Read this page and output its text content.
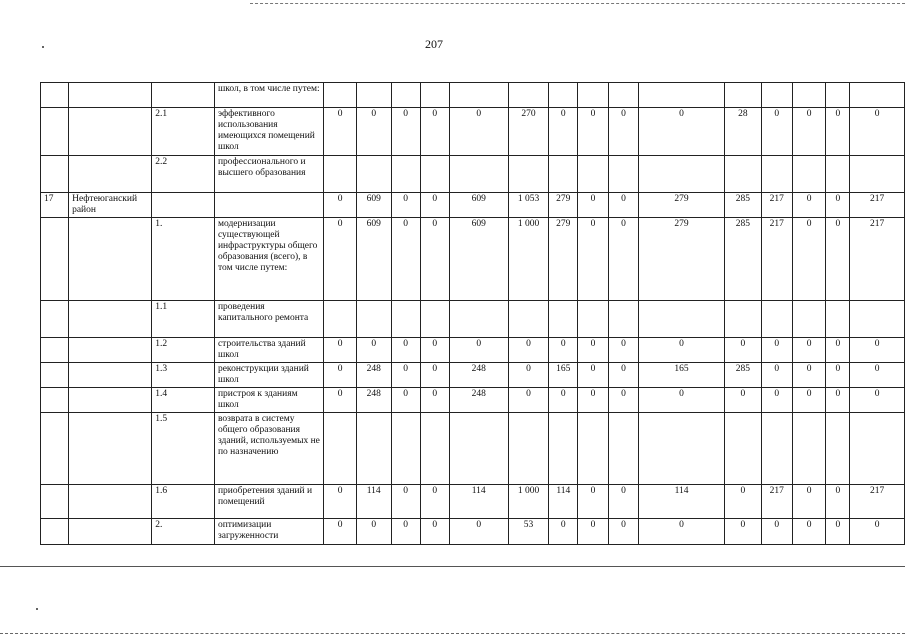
207
			школ, в том числе путем:															
		2.1	эффективного использования имеющихся помещений школ	0	0	0	0	0	270	0	0	0	0	28	0	0	0	0
		2.2	профессионального и высшего образования															
17	Нефтеюганский район			0	609	0	0	609	1 053	279	0	0	279	285	217	0	0	217
		1.	модернизации существующей инфраструктуры общего образования (всего), в том числе путем:	0	609	0	0	609	1 000	279	0	0	279	285	217	0	0	217
		1.1	проведения капитального ремонта															
		1.2	строительства зданий школ	0	0	0	0	0	0	0	0	0	0	0	0	0	0	0
		1.3	реконструкции зданий школ	0	248	0	0	248	0	165	0	0	165	285	0	0	0	0
		1.4	пристроя к зданиям школ	0	248	0	0	248	0	0	0	0	0	0	0	0	0	0
		1.5	возврата в систему общего образования зданий, используемых не по назначению															
		1.6	приобретения зданий и помещений	0	114	0	0	114	1 000	114	0	0	114	0	217	0	0	217
		2.	оптимизации загруженности	0	0	0	0	0	53	0	0	0	0	0	0	0	0	0
